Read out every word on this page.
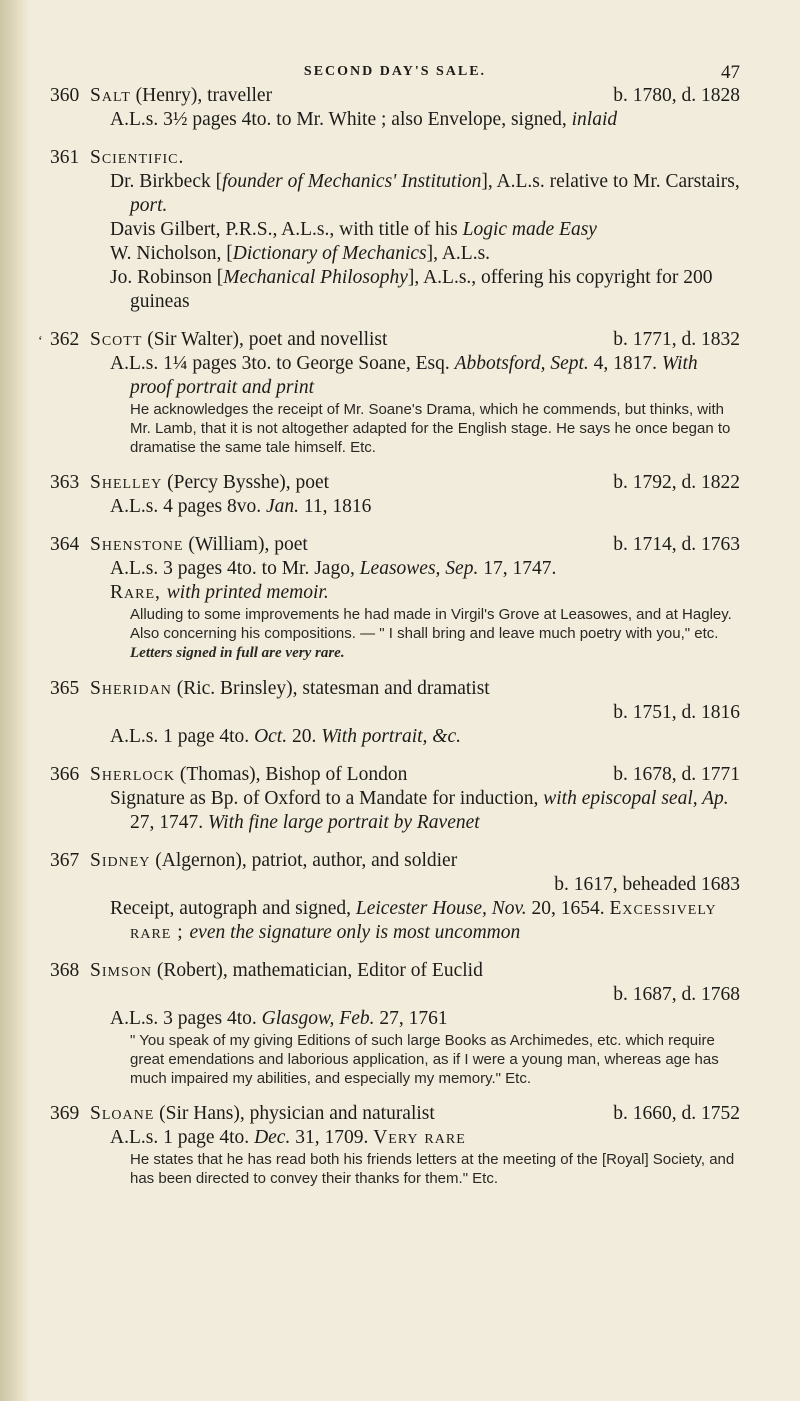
SECOND DAY'S SALE.	47
360 Salt (Henry), traveller	b. 1780, d. 1828
A.L.s. 3½ pages 4to. to Mr. White ; also Envelope, signed, inlaid
361 Scientific.
Dr. Birkbeck [founder of Mechanics' Institution], A.L.s. relative to Mr. Carstairs, port.
Davis Gilbert, P.R.S., A.L.s., with title of his Logic made Easy
W. Nicholson, [Dictionary of Mechanics], A.L.s.
Jo. Robinson [Mechanical Philosophy], A.L.s., offering his copyright for 200 guineas
‘ 362 Scott (Sir Walter), poet and novellist	b. 1771, d. 1832
A.L.s. 1¼ pages 3to. to George Soane, Esq. Abbotsford, Sept. 4, 1817. With proof portrait and print
He acknowledges the receipt of Mr. Soane's Drama, which he commends, but thinks, with Mr. Lamb, that it is not altogether adapted for the English stage. He says he once began to dramatise the same tale himself. Etc.
363 Shelley (Percy Bysshe), poet	b. 1792, d. 1822
A.L.s. 4 pages 8vo. Jan. 11, 1816
364 Shenstone (William), poet	b. 1714, d. 1763
A.L.s. 3 pages 4to. to Mr. Jago, Leasowes, Sep. 17, 1747.
Rare, with printed memoir.
Alluding to some improvements he had made in Virgil's Grove at Leasowes, and at Hagley. Also concerning his compositions. — " I shall bring and leave much poetry with you," etc. Letters signed in full are very rare.
365 Sheridan (Ric. Brinsley), statesman and dramatist
b. 1751, d. 1816
A.L.s. 1 page 4to. Oct. 20. With portrait, &c.
366 Sherlock (Thomas), Bishop of London	b. 1678, d. 1771
Signature as Bp. of Oxford to a Mandate for induction, with episcopal seal, Ap. 27, 1747. With fine large portrait by Ravenet
367 Sidney (Algernon), patriot, author, and soldier
b. 1617, beheaded 1683
Receipt, autograph and signed, Leicester House, Nov. 20, 1654. Excessively rare ; even the signature only is most uncommon
368 Simson (Robert), mathematician, Editor of Euclid
b. 1687, d. 1768
A.L.s. 3 pages 4to. Glasgow, Feb. 27, 1761
" You speak of my giving Editions of such large Books as Archimedes, etc. which require great emendations and laborious application, as if I were a young man, whereas age has much impaired my abilities, and especially my memory." Etc.
369 Sloane (Sir Hans), physician and naturalist	b. 1660, d. 1752
A.L.s. 1 page 4to. Dec. 31, 1709. Very rare
He states that he has read both his friends letters at the meeting of the [Royal] Society, and has been directed to convey their thanks for them." Etc.
